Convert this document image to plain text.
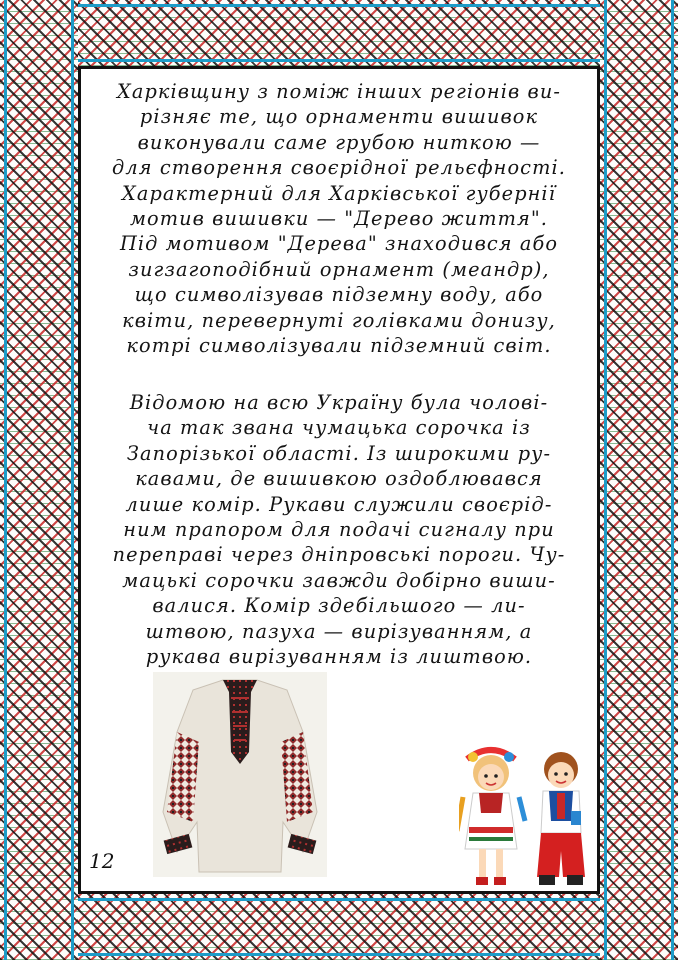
Харківщину з поміж інших регіонів ви-
різняє те, що орнаменти вишивок
виконували саме грубою ниткою —
для створення своєрідної рельєфності.
Характерний для Харківської губернії
мотив вишивки — "Дерево життя".
Під мотивом "Дерева" знаходився або
зигзагоподібний орнамент (меандр),
що символізував підземну воду, або
квіти, перевернуті голівками донизу,
котрі символізували підземний світ.

Відомою на всю Україну була чолові-
ча так звана чумацька сорочка із
Запорізької області. Із широкими ру-
кавами, де вишивкою оздоблювався
лише комір. Рукави служили своєрід-
ним прапором для подачі сигналу при
переправі через дніпровські пороги. Чу-
мацькі сорочки завжди добірно виши-
валися. Комір здебільшого — ли-
штвою, пазуха — вирізуванням, а
рукава вирізуванням із лиштвою.

12
